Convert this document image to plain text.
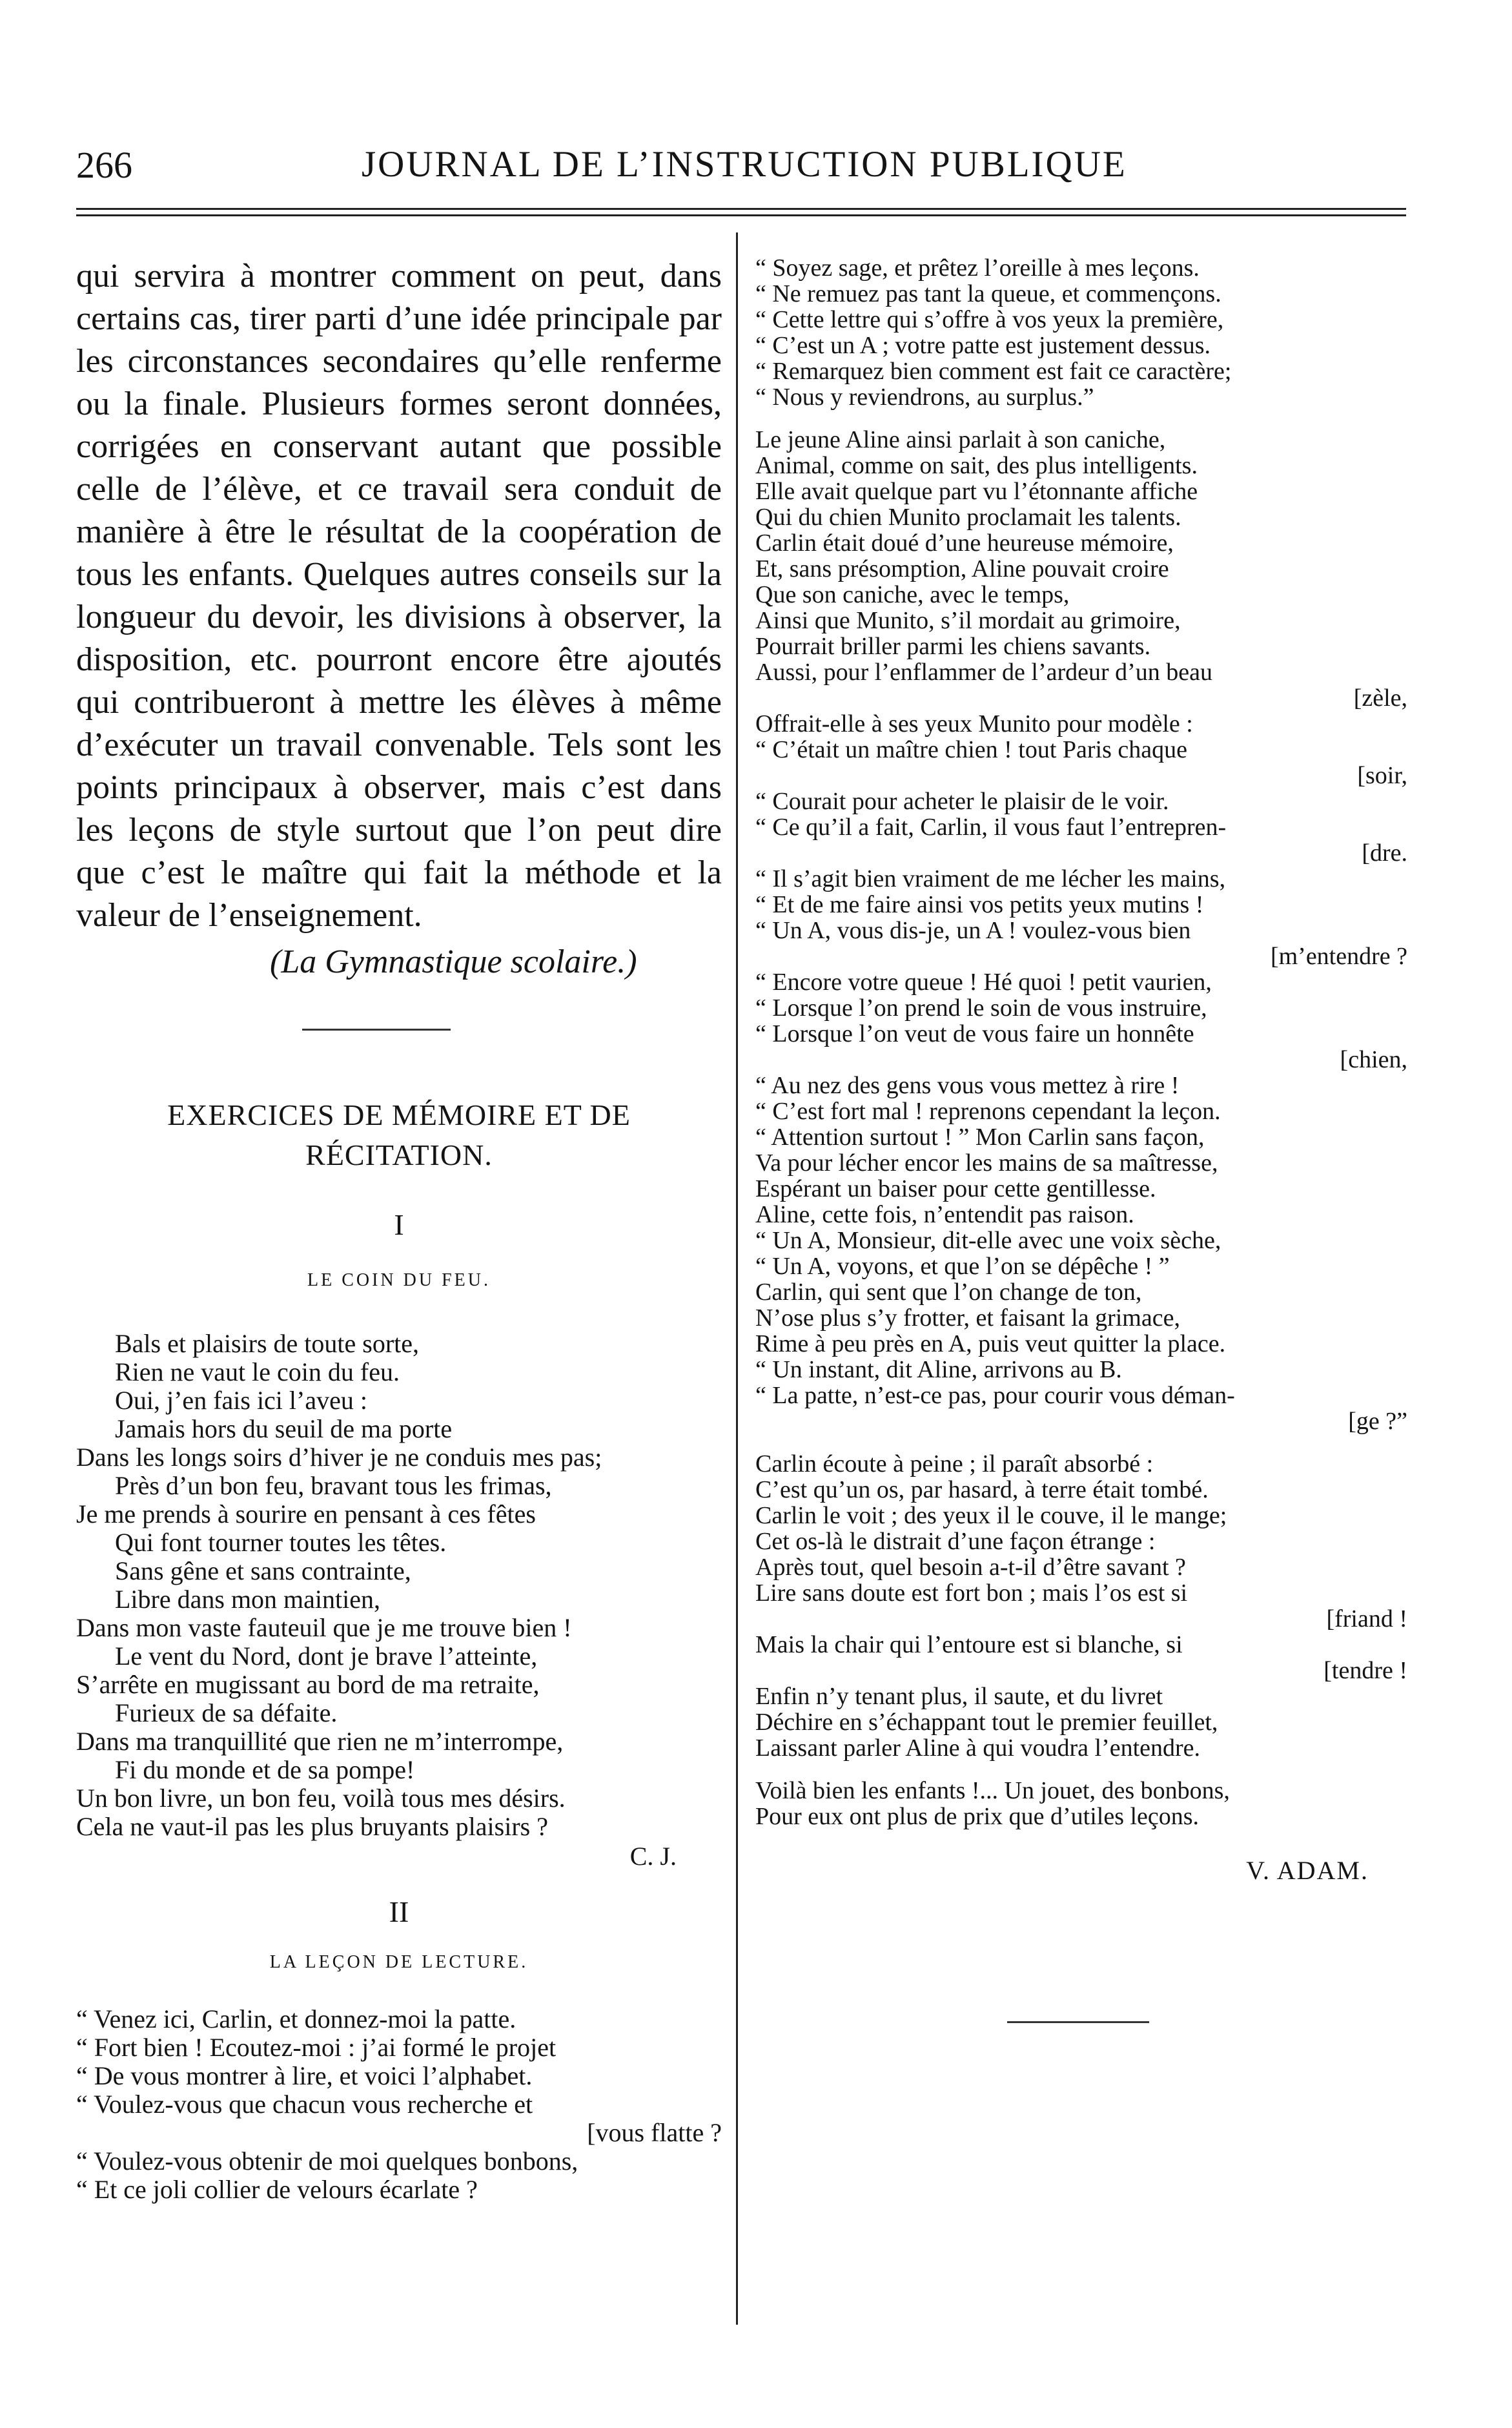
266	JOURNAL DE L’INSTRUCTION PUBLIQUE

qui servira à montrer comment on peut, dans certains cas, tirer parti d’une idée principale par les circonstances secondaires qu’elle renferme ou la finale. Plusieurs formes seront données, corrigées en conservant autant que possible celle de l’élève, et ce travail sera conduit de manière à être le résultat de la coopération de tous les enfants. Quelques autres conseils sur la longueur du devoir, les divisions à observer, la disposition, etc. pourront encore être ajoutés qui contribueront à mettre les élèves à même d’exécuter un travail convenable. Tels sont les points principaux à observer, mais c’est dans les leçons de style surtout que l’on peut dire que c’est le maître qui fait la méthode et la valeur de l’enseignement.

(La Gymnastique scolaire.)

EXERCICES DE MÉMOIRE ET DE RÉCITATION.
I
LE COIN DU FEU.
Bals et plaisirs de toute sorte,
Rien ne vaut le coin du feu.
Oui, j’en fais ici l’aveu :
Jamais hors du seuil de ma porte
Dans les longs soirs d’hiver je ne conduis mes pas;
Près d’un bon feu, bravant tous les frimas,
Je me prends à sourire en pensant à ces fêtes
Qui font tourner toutes les têtes.
Sans gêne et sans contrainte,
Libre dans mon maintien,
Dans mon vaste fauteuil que je me trouve bien !
Le vent du Nord, dont je brave l’atteinte,
S’arrête en mugissant au bord de ma retraite,
Furieux de sa défaite.
Dans ma tranquillité que rien ne m’interrompe,
Fi du monde et de sa pompe!
Un bon livre, un bon feu, voilà tous mes désirs.
Cela ne vaut-il pas les plus bruyants plaisirs ?

C. J.

II
LA LEÇON DE LECTURE.
“ Venez ici, Carlin, et donnez-moi la patte.
“ Fort bien ! Ecoutez-moi : j’ai formé le projet
“ De vous montrer à lire, et voici l’alphabet.
“ Voulez-vous que chacun vous recherche et
[vous flatte ?
“ Voulez-vous obtenir de moi quelques bonbons,
“ Et ce joli collier de velours écarlate ?
“ Soyez sage, et prêtez l’oreille à mes leçons.
“ Ne remuez pas tant la queue, et commençons.
“ Cette lettre qui s’offre à vos yeux la première,
“ C’est un A ; votre patte est justement dessus.
“ Remarquez bien comment est fait ce caractère;
“ Nous y reviendrons, au surplus.”
Le jeune Aline ainsi parlait à son caniche,
Animal, comme on sait, des plus intelligents.
Elle avait quelque part vu l’étonnante affiche
Qui du chien Munito proclamait les talents.
Carlin était doué d’une heureuse mémoire,
Et, sans présomption, Aline pouvait croire
Que son caniche, avec le temps,
Ainsi que Munito, s’il mordait au grimoire,
Pourrait briller parmi les chiens savants.
Aussi, pour l’enflammer de l’ardeur d’un beau
[zèle,
Offrait-elle à ses yeux Munito pour modèle :
“ C’était un maître chien ! tout Paris chaque
[soir,
“ Courait pour acheter le plaisir de le voir.
“ Ce qu’il a fait, Carlin, il vous faut l’entrepren-
[dre.
“ Il s’agit bien vraiment de me lécher les mains,
“ Et de me faire ainsi vos petits yeux mutins !
“ Un A, vous dis-je, un A ! voulez-vous bien
[m’entendre ?
“ Encore votre queue ! Hé quoi ! petit vaurien,
“ Lorsque l’on prend le soin de vous instruire,
“ Lorsque l’on veut de vous faire un honnête
[chien,
“ Au nez des gens vous vous mettez à rire !
“ C’est fort mal ! reprenons cependant la leçon.
“ Attention surtout ! ” Mon Carlin sans façon,
Va pour lécher encor les mains de sa maîtresse,
Espérant un baiser pour cette gentillesse.
Aline, cette fois, n’entendit pas raison.
“ Un A, Monsieur, dit-elle avec une voix sèche,
“ Un A, voyons, et que l’on se dépêche ! ”
Carlin, qui sent que l’on change de ton,
N’ose plus s’y frotter, et faisant la grimace,
Rime à peu près en A, puis veut quitter la place.
“ Un instant, dit Aline, arrivons au B.
“ La patte, n’est-ce pas, pour courir vous déman-
[ge ?”
Carlin écoute à peine ; il paraît absorbé :
C’est qu’un os, par hasard, à terre était tombé.
Carlin le voit ; des yeux il le couve, il le mange;
Cet os-là le distrait d’une façon étrange :
Après tout, quel besoin a-t-il d’être savant ?
Lire sans doute est fort bon ; mais l’os est si
[friand !
Mais la chair qui l’entoure est si blanche, si
[tendre !
Enfin n’y tenant plus, il saute, et du livret
Déchire en s’échappant tout le premier feuillet,
Laissant parler Aline à qui voudra l’entendre.
Voilà bien les enfants !... Un jouet, des bonbons,
Pour eux ont plus de prix que d’utiles leçons.

V. ADAM.
